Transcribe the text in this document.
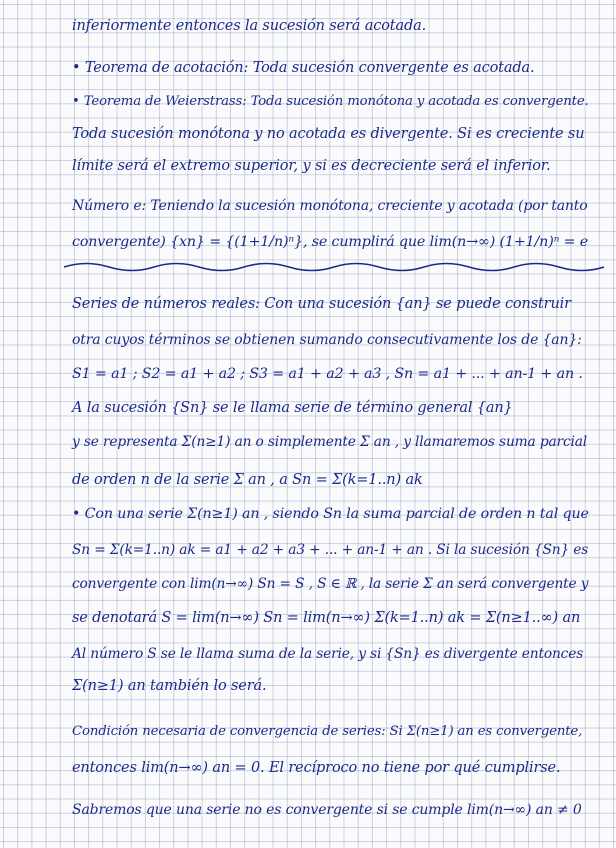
inferiormente entonces la sucesión será acotada.
• Teorema de acotación: Toda sucesión convergente es acotada.
• Teorema de Weierstrass: Toda sucesión monótona y acotada es convergente.
Toda sucesión monótona y no acotada es divergente. Si es creciente su
límite será el extremo superior, y si es decreciente será el inferior.
Número e: Teniendo la sucesión monótona, creciente y acotada (por tanto
convergente) {xn} = {(1+1/n)ⁿ}, se cumplirá que lim(n→∞) (1+1/n)ⁿ = e
Series de números reales: Con una sucesión {an} se puede construir
otra cuyos términos se obtienen sumando consecutivamente los de {an}:
S1 = a1 ; S2 = a1 + a2 ; S3 = a1 + a2 + a3 , Sn = a1 + ... + an-1 + an .
A la sucesión {Sn} se le llama serie de término general {an}
y se representa Σ(n≥1) an o simplemente Σ an , y llamaremos suma parcial
de orden n de la serie Σ an , a Sn = Σ(k=1..n) ak
• Con una serie Σ(n≥1) an , siendo Sn la suma parcial de orden n tal que
Sn = Σ(k=1..n) ak = a1 + a2 + a3 + ... + an-1 + an . Si la sucesión {Sn} es
convergente con lim(n→∞) Sn = S , S ∈ ℝ , la serie Σ an será convergente y
se denotará S = lim(n→∞) Sn = lim(n→∞) Σ(k=1..n) ak = Σ(n≥1..∞) an
Al número S se le llama suma de la serie, y si {Sn} es divergente entonces
Σ(n≥1) an también lo será.
Condición necesaria de convergencia de series: Si Σ(n≥1) an es convergente,
entonces lim(n→∞) an = 0. El recíproco no tiene por qué cumplirse.
Sabremos que una serie no es convergente si se cumple lim(n→∞) an ≠ 0
